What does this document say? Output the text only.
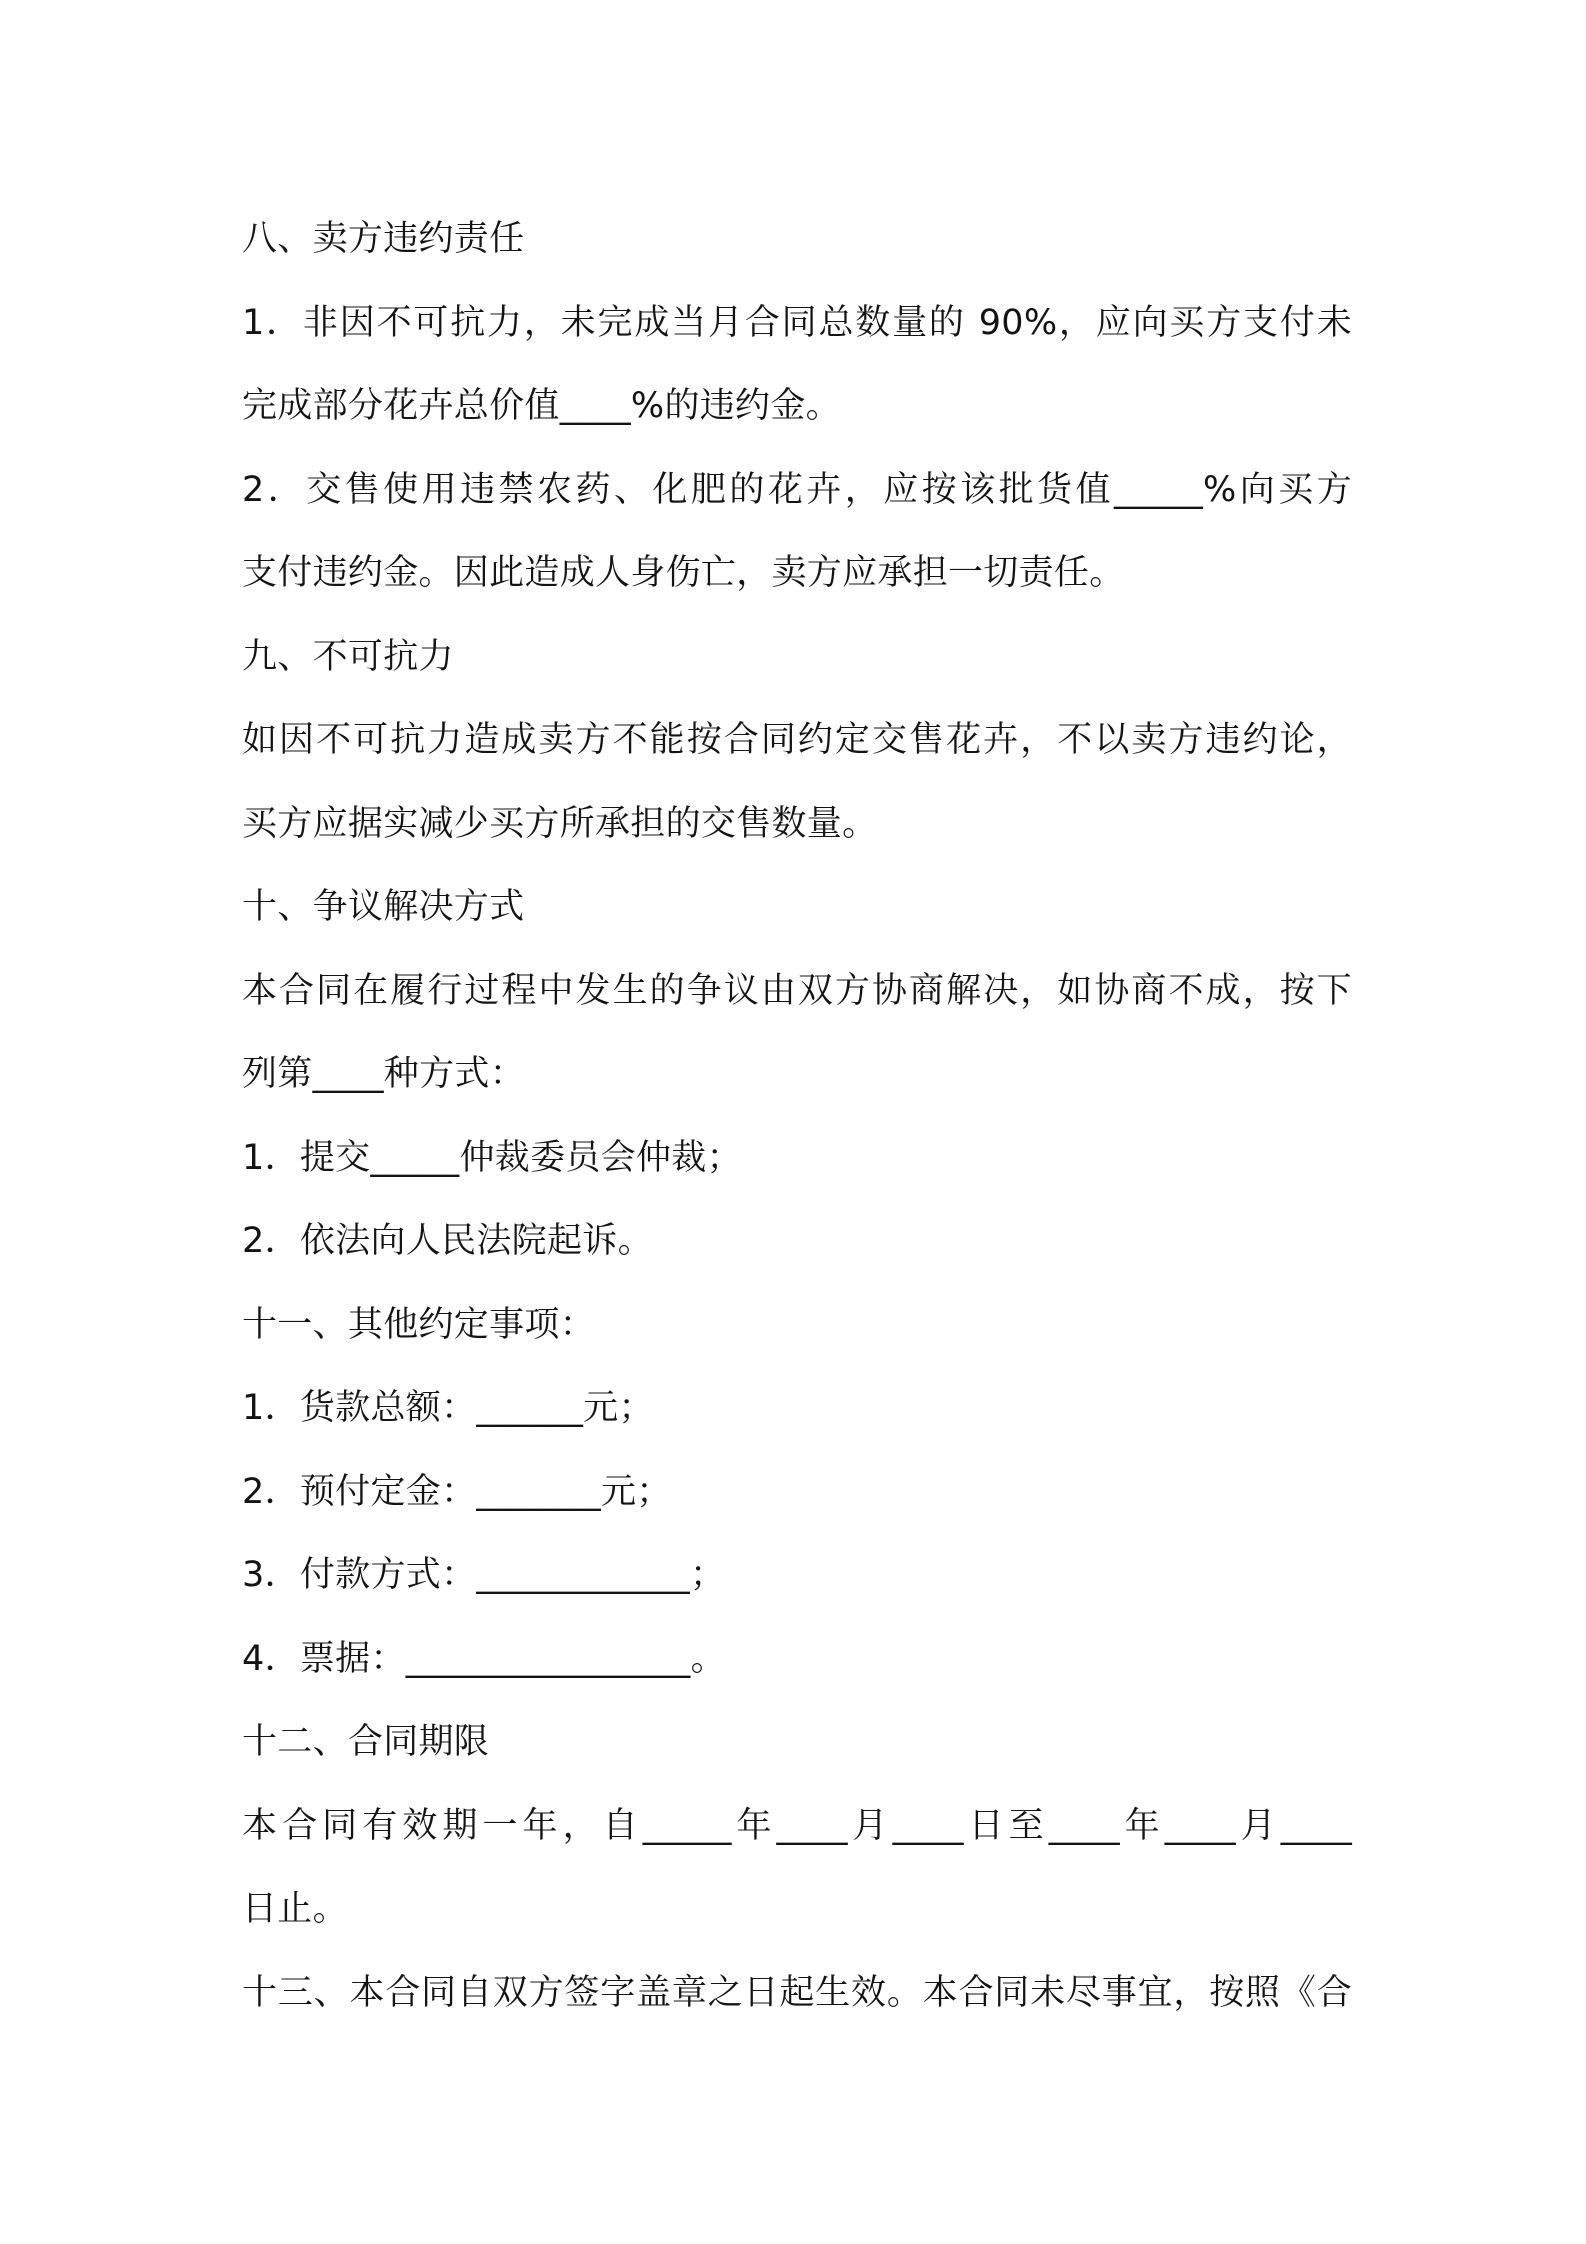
八、卖方违约责任
1．非因不可抗力，未完成当月合同总数量的 90%，应向买方支付未
完成部分花卉总价值____%的违约金。
2．交售使用违禁农药、化肥的花卉，应按该批货值_____%向买方
支付违约金。因此造成人身伤亡，卖方应承担一切责任。
九、不可抗力
如因不可抗力造成卖方不能按合同约定交售花卉，不以卖方违约论，
买方应据实减少买方所承担的交售数量。
十、争议解决方式
本合同在履行过程中发生的争议由双方协商解决，如协商不成，按下
列第____种方式：
1．提交_____仲裁委员会仲裁；
2．依法向人民法院起诉。
十一、其他约定事项：
1．货款总额：______元；
2．预付定金：_______元；
3．付款方式：____________；
4．票据：________________。
十二、合同期限
本合同有效期一年，自_____年____月____日至____年____月____
日止。
十三、本合同自双方签字盖章之日起生效。本合同未尽事宜，按照《合
